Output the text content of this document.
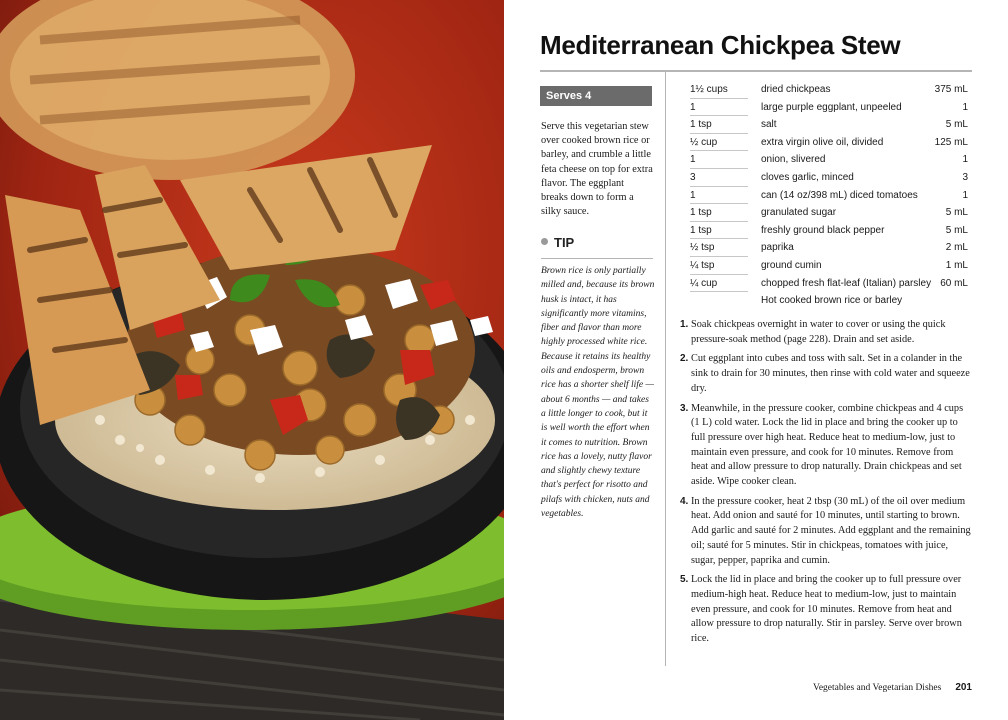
Mediterranean Chickpea Stew
Serves 4

Serve this vegetarian stew over cooked brown rice or barley, and crumble a little feta cheese on top for extra flavor. The eggplant breaks down to form a silky sauce.

TIP

Brown rice is only partially milled and, because its brown husk is intact, it has significantly more vitamins, fiber and flavor than more highly processed white rice. Because it retains its healthy oils and endosperm, brown rice has a shorter shelf life — about 6 months — and takes a little longer to cook, but it is well worth the effort when it comes to nutrition. Brown rice has a lovely, nutty flavor and slightly chewy texture that's perfect for risotto and pilafs with chicken, nuts and vegetables.

1½ cups	dried chickpeas	375 mL
1	large purple eggplant, unpeeled	1
1 tsp	salt	5 mL
½ cup	extra virgin olive oil, divided	125 mL
1	onion, slivered	1
3	cloves garlic, minced	3
1	can (14 oz/398 mL) diced tomatoes	1
1 tsp	granulated sugar	5 mL
1 tsp	freshly ground black pepper	5 mL
½ tsp	paprika	2 mL
¼ tsp	ground cumin	1 mL
¼ cup	chopped fresh flat-leaf (Italian) parsley 60 mL
Hot cooked brown rice or barley
1. Soak chickpeas overnight in water to cover or using the quick pressure-soak method (page 228). Drain and set aside.
2. Cut eggplant into cubes and toss with salt. Set in a colander in the sink to drain for 30 minutes, then rinse with cold water and squeeze dry.
3. Meanwhile, in the pressure cooker, combine chickpeas and 4 cups (1 L) cold water. Lock the lid in place and bring the cooker up to full pressure over high heat. Reduce heat to medium-low, just to maintain even pressure, and cook for 10 minutes. Remove from heat and allow pressure to drop naturally. Drain chickpeas and set aside. Wipe cooker clean.
4. In the pressure cooker, heat 2 tbsp (30 mL) of the oil over medium heat. Add onion and sauté for 10 minutes, until starting to brown. Add garlic and sauté for 2 minutes. Add eggplant and the remaining oil; sauté for 5 minutes. Stir in chickpeas, tomatoes with juice, sugar, pepper, paprika and cumin.
5. Lock the lid in place and bring the cooker up to full pressure over medium-high heat. Reduce heat to medium-low, just to maintain even pressure, and cook for 10 minutes. Remove from heat and allow pressure to drop naturally. Stir in parsley. Serve over brown rice.
Vegetables and Vegetarian Dishes 201
